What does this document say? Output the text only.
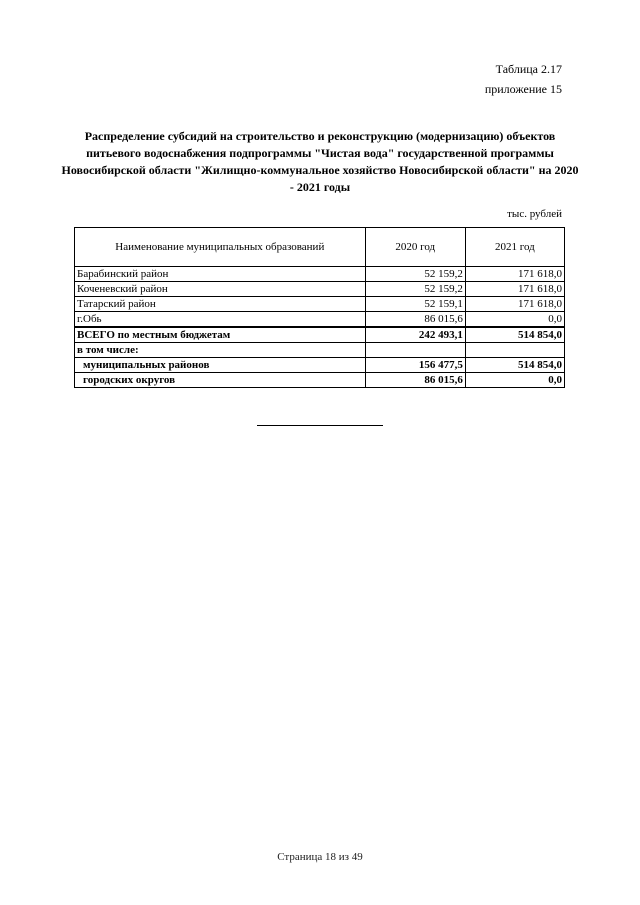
Таблица 2.17
приложение 15
Распределение субсидий на строительство и реконструкцию (модернизацию) объектов питьевого водоснабжения подпрограммы "Чистая вода" государственной программы Новосибирской области "Жилищно-коммунальное хозяйство Новосибирской области" на 2020 - 2021 годы
тыс. рублей
Наименование муниципальных образований	2020 год	2021 год
Барабинский район	52 159,2	171 618,0
Коченевский район	52 159,2	171 618,0
Татарский район	52 159,1	171 618,0
г.Обь	86 015,6	0,0
ВСЕГО по местным бюджетам	242 493,1	514 854,0
в том числе:		
муниципальных районов	156 477,5	514 854,0
городских округов	86 015,6	0,0
Страница 18 из 49
